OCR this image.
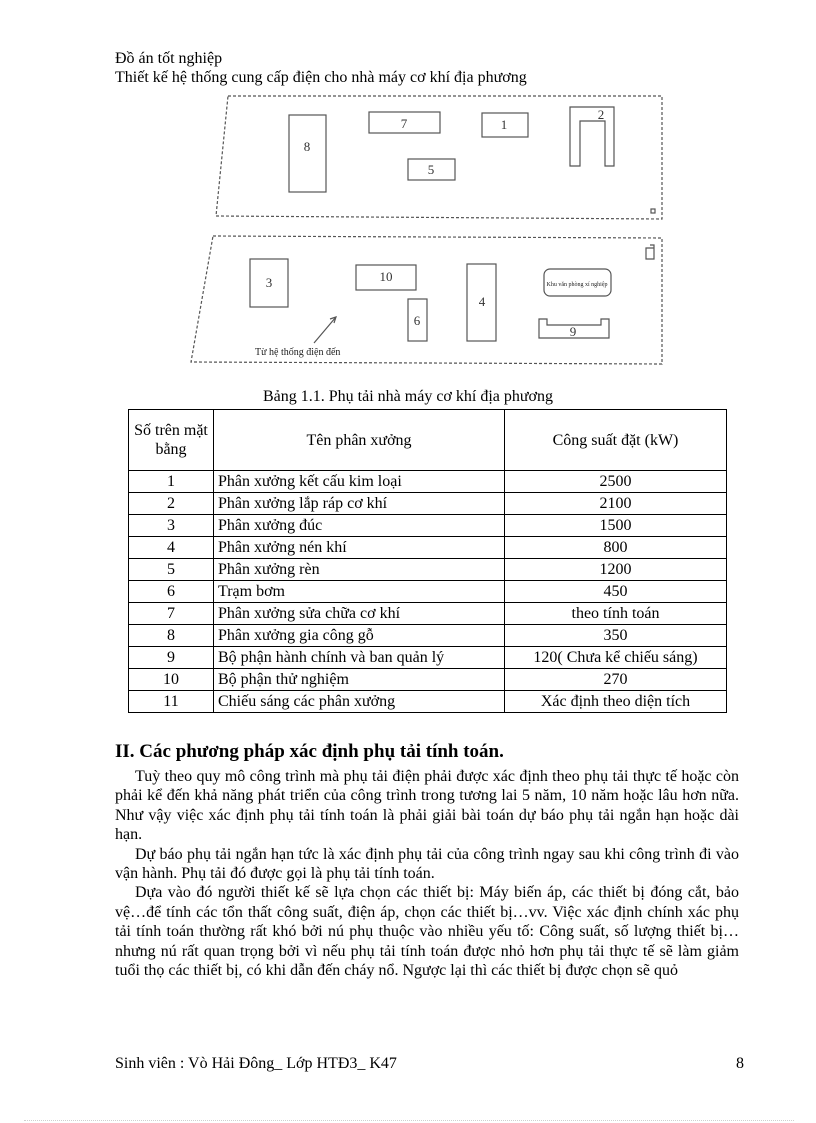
Đồ án tốt nghiệp
Thiết kế hệ thống cung cấp điện cho nhà máy cơ khí địa phương
8
7	1
2
5
3	10
4
6
9
Khu văn phòng xí nghiệp
Từ hệ thống điện đến
Bảng 1.1. Phụ tải nhà máy cơ khí địa phương
Số trên mặt bằng	Tên phân xưởng	Công suất đặt (kW)
1	Phân xưởng kết cấu kim loại	2500
2	Phân xưởng lắp ráp cơ khí	2100
3	Phân xưởng đúc	1500
4	Phân xưởng nén khí	800
5	Phân xưởng rèn	1200
6	Trạm bơm	450
7	Phân xưởng sửa chữa cơ khí	theo tính toán
8	Phân xưởng gia công gỗ	350
9	Bộ phận hành chính và ban quản lý	120( Chưa kể chiếu sáng)
10	Bộ phận thử nghiệm	270
11	Chiếu sáng các phân xưởng	Xác định theo diện tích
II. Các phương pháp xác định phụ tải tính toán.

Tuỳ theo quy mô công trình mà phụ tải điện phải được xác định theo phụ tải thực tế hoặc còn phải kể đến khả năng phát triển của công trình trong tương lai 5 năm, 10 năm hoặc lâu hơn nữa. Như vậy việc xác định phụ tải tính toán là phải giải bài toán dự báo phụ tải ngắn hạn hoặc dài hạn.

Dự báo phụ tải ngắn hạn tức là xác định phụ tải của công trình ngay sau khi công trình đi vào vận hành. Phụ tải đó được gọi là phụ tải tính toán.

Dựa vào đó người thiết kế sẽ lựa chọn các thiết bị: Máy biến áp, các thiết bị đóng cắt, bảo vệ…để tính các tổn thất công suất, điện áp, chọn các thiết bị…vv. Việc xác định chính xác phụ tải tính toán thường rất khó bởi nú phụ thuộc vào nhiều yếu tố: Công suất, số lượng thiết bị… nhưng nú rất quan trọng bởi vì nếu phụ tải tính toán được nhỏ hơn phụ tải thực tế sẽ làm giảm tuổi thọ các thiết bị, có khi dẫn đến cháy nổ. Ngược lại thì các thiết bị được chọn sẽ quỏ

Sinh viên : Vò Hải Đông_ Lớp HTĐ3_ K47	8
